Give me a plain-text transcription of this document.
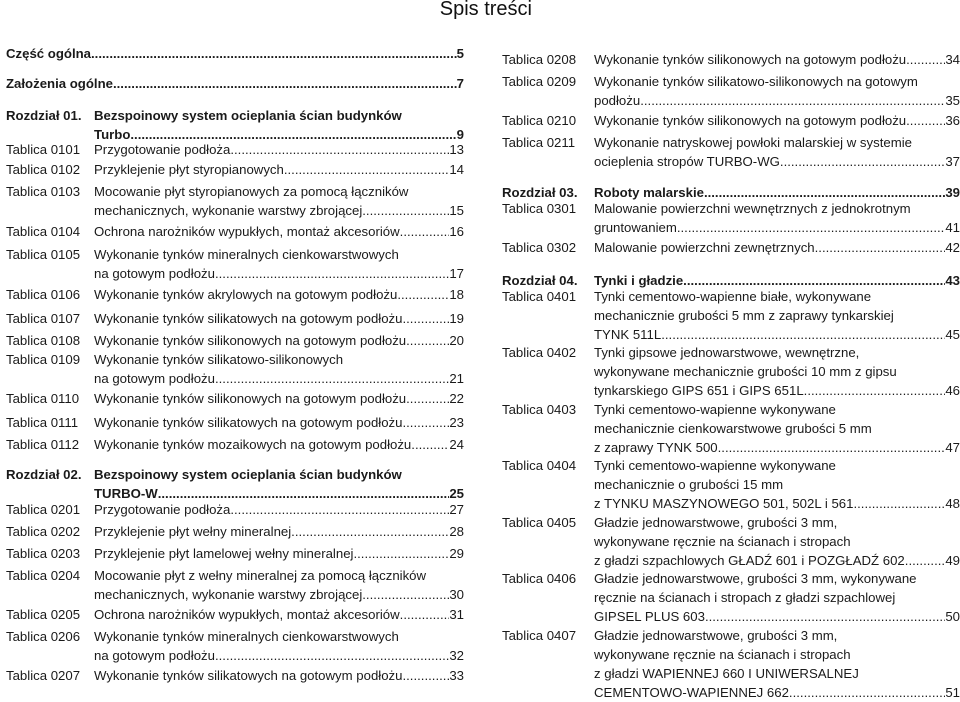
Spis treści
Część ogólna .....	5
Założenia ogólne .....	7
Rozdział 01. Bezspoinowy system ocieplania ścian budynków
Turbo .....	9
Tablica 0101 Przygotowanie podłoża .....	13
Tablica 0102 Przyklejenie płyt styropianowych .....	14
Tablica 0103 Mocowanie płyt styropianowych za pomocą łączników
mechanicznych, wykonanie warstwy zbrojącej .....	15
Tablica 0104 Ochrona narożników wypukłych, montaż akcesoriów .....	16
Tablica 0105 Wykonanie tynków mineralnych cienkowarstwowych
na gotowym podłożu .....	17
Tablica 0106 Wykonanie tynków akrylowych na gotowym podłożu .....	18
Tablica 0107 Wykonanie tynków silikatowych na gotowym podłożu .....	19
Tablica 0108 Wykonanie tynków silikonowych na gotowym podłożu .....	20
Tablica 0109 Wykonanie tynków silikatowo-silikonowych
na gotowym podłożu .....	21
Tablica 0110 Wykonanie tynków silikonowych na gotowym podłożu .....	22
Tablica 0111 Wykonanie tynków silikatowych na gotowym podłożu .....	23
Tablica 0112 Wykonanie tynków mozaikowych na gotowym podłożu .....	24
Rozdział 02. Bezspoinowy system ocieplania ścian budynków
TURBO-W .....	25
Tablica 0201 Przygotowanie podłoża .....	27
Tablica 0202 Przyklejenie płyt wełny mineralnej .....	28
Tablica 0203 Przyklejenie płyt lamelowej wełny mineralnej .....	29
Tablica 0204 Mocowanie płyt z wełny mineralnej za pomocą łączników
mechanicznych, wykonanie warstwy zbrojącej .....	30
Tablica 0205 Ochrona narożników wypukłych, montaż akcesoriów .....	31
Tablica 0206 Wykonanie tynków mineralnych cienkowarstwowych
na gotowym podłożu .....	32
Tablica 0207 Wykonanie tynków silikatowych na gotowym podłożu .....	33
Tablica 0208 Wykonanie tynków silikonowych na gotowym podłożu .....	34
Tablica 0209 Wykonanie tynków silikatowo-silikonowych na gotowym
podłożu .....	35
Tablica 0210 Wykonanie tynków silikonowych na gotowym podłożu .....	36
Tablica 0211 Wykonanie natryskowej powłoki malarskiej w systemie
ocieplenia stropów TURBO-WG .....	37
Rozdział 03. Roboty malarskie .....	39
Tablica 0301 Malowanie powierzchni wewnętrznych z jednokrotnym
gruntowaniem .....	41
Tablica 0302 Malowanie powierzchni zewnętrznych .....	42
Rozdział 04. Tynki i gładzie .....	43
Tablica 0401 Tynki cementowo-wapienne białe, wykonywane
mechanicznie grubości 5 mm z zaprawy tynkarskiej
TYNK 511L .....	45
Tablica 0402 Tynki gipsowe jednowarstwowe, wewnętrzne,
wykonywane mechanicznie grubości 10 mm z gipsu
tynkarskiego GIPS 651 i GIPS 651L .....	46
Tablica 0403 Tynki cementowo-wapienne wykonywane
mechanicznie cienkowarstwowe grubości 5 mm
z zaprawy TYNK 500 .....	47
Tablica 0404 Tynki cementowo-wapienne wykonywane
mechanicznie o grubości 15 mm
z TYNKU MASZYNOWEGO 501, 502L i 561 .....	48
Tablica 0405 Gładzie jednowarstwowe, grubości 3 mm,
wykonywane ręcznie na ścianach i stropach
z gładzi szpachlowych GŁADŹ 601 i POZGŁADŹ 602 .....	49
Tablica 0406 Gładzie jednowarstwowe, grubości 3 mm, wykonywane
ręcznie na ścianach i stropach z gładzi szpachlowej
GIPSEL PLUS 603 .....	50
Tablica 0407 Gładzie jednowarstwowe, grubości 3 mm,
wykonywane ręcznie na ścianach i stropach
z gładzi WAPIENNEJ 660 I UNIWERSALNEJ
CEMENTOWO-WAPIENNEJ 662 .....	51
